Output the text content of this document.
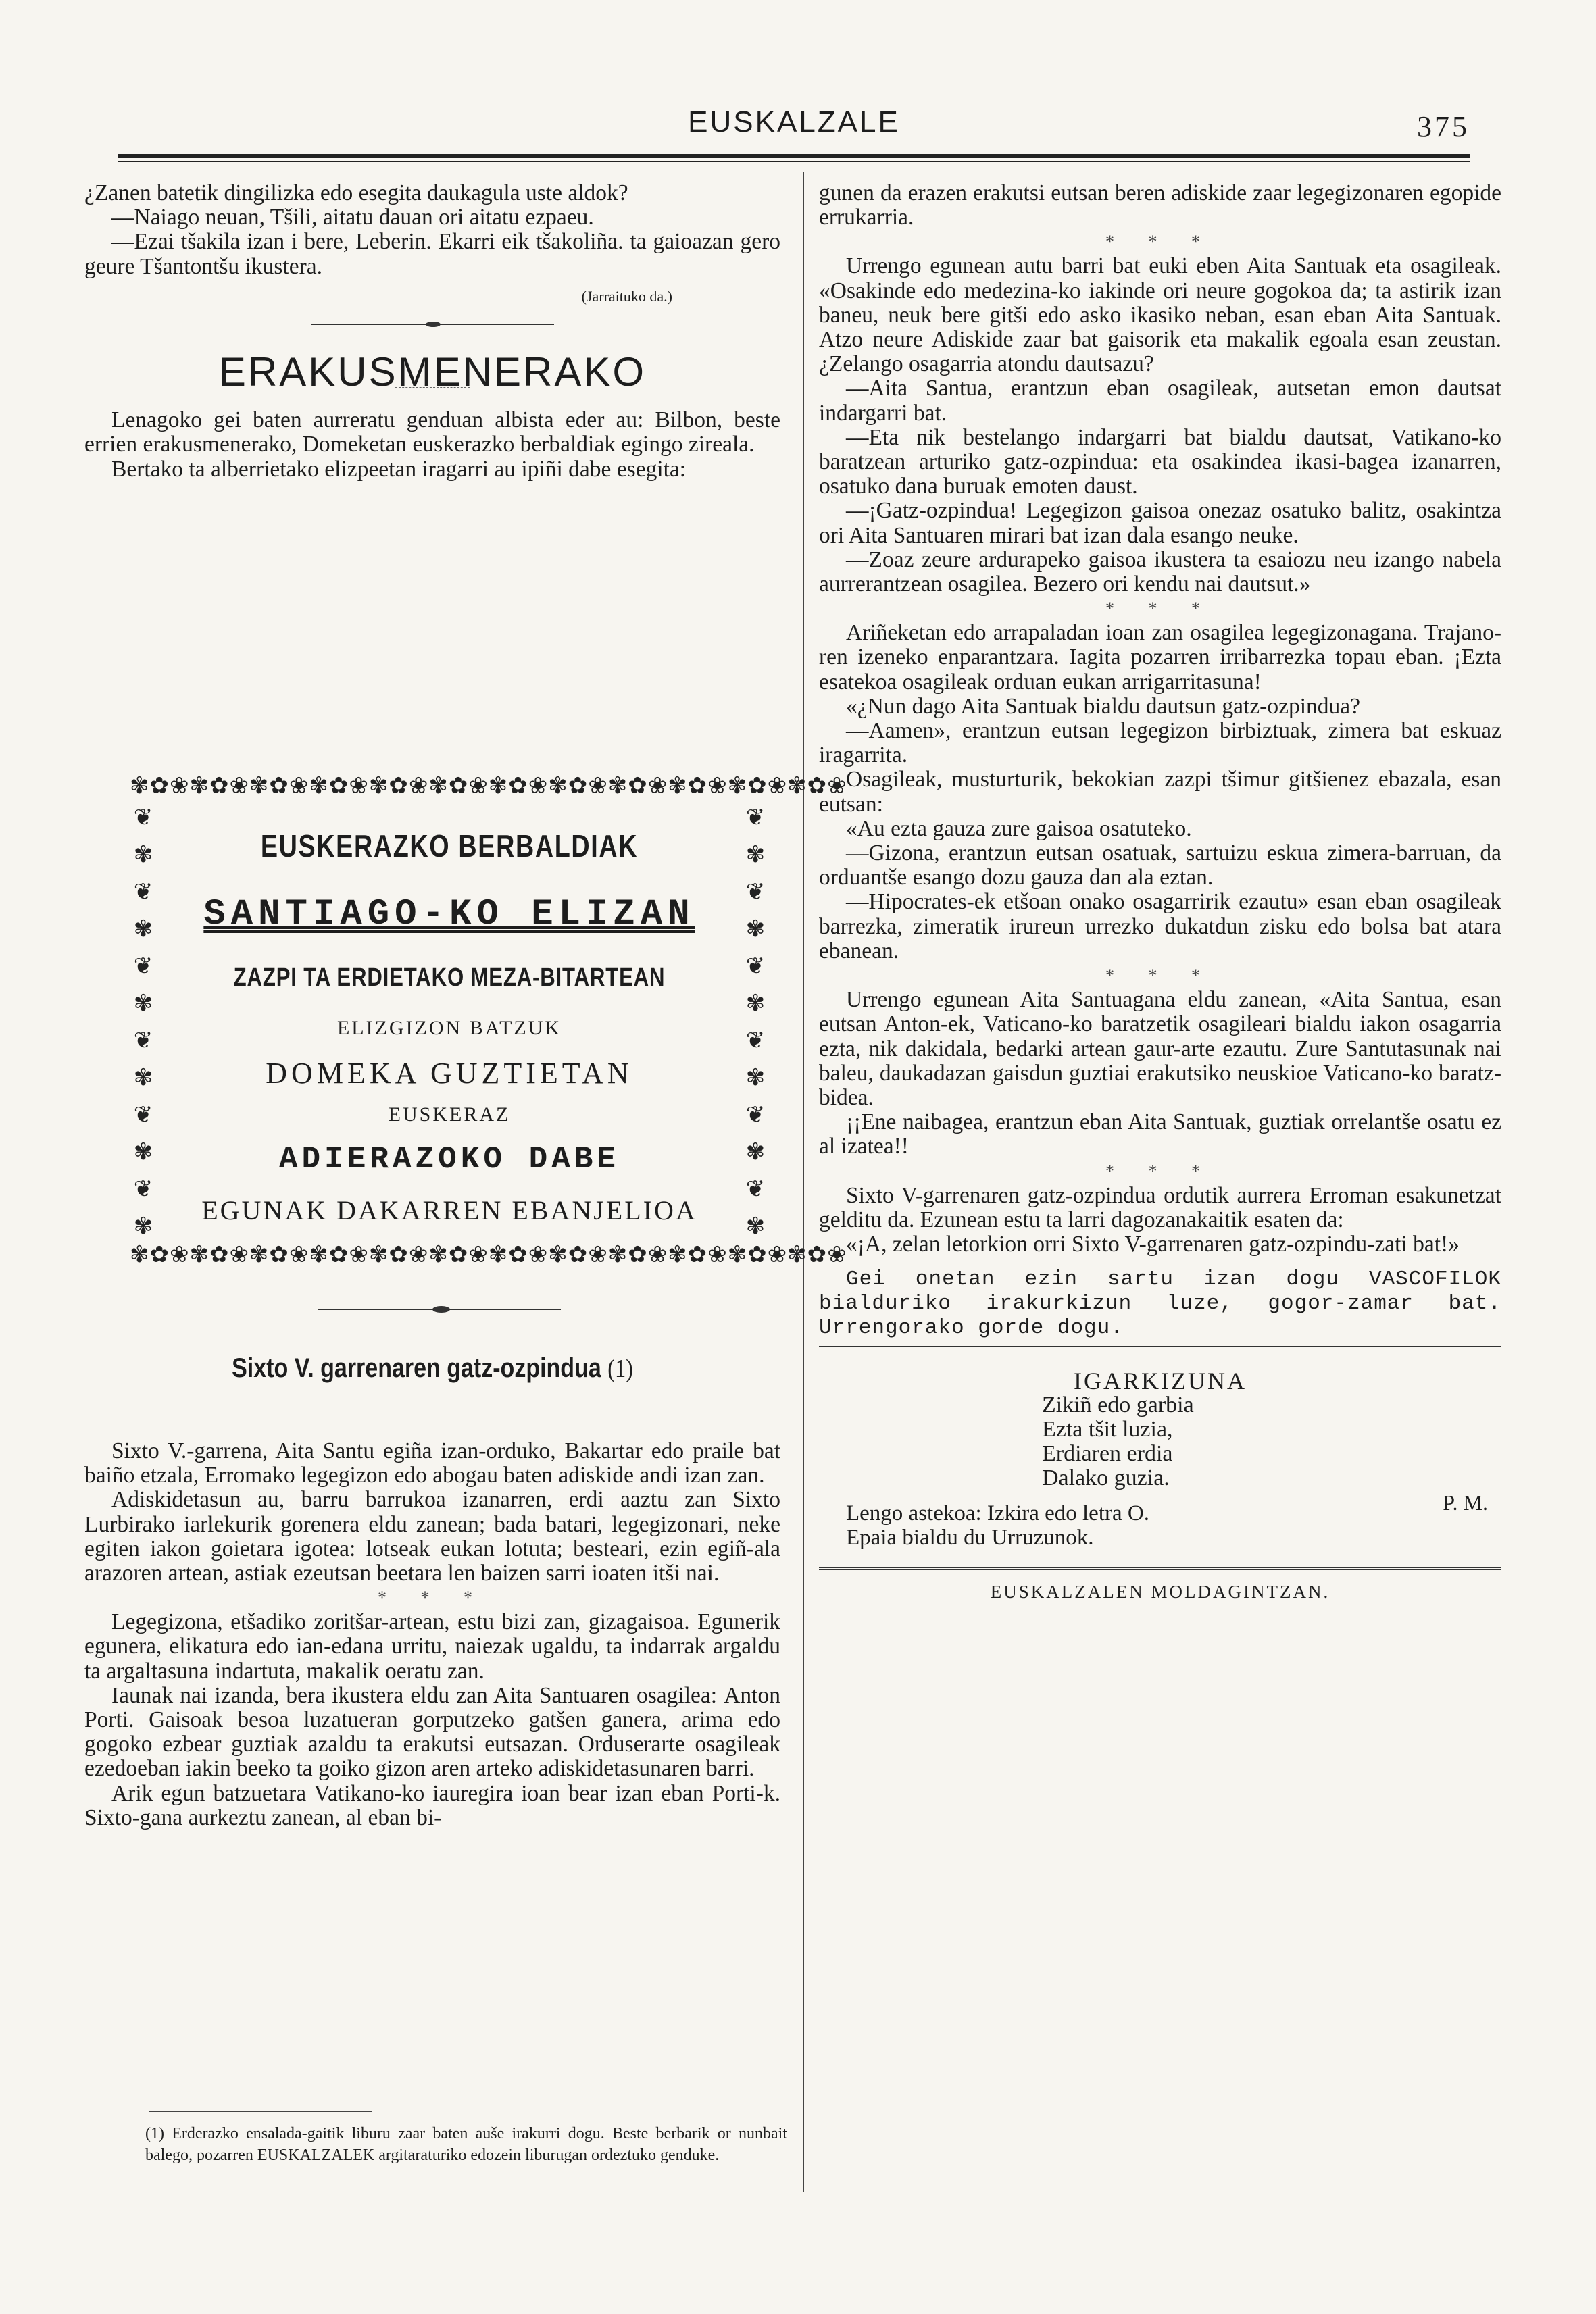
EUSKALZALE	375

¿Zanen batetik dingilizka edo esegita daukagula uste aldok?

—Naiago neuan, Tšili, aitatu dauan ori aitatu ezpaeu.

—Ezai tšakila izan i bere, Leberin. Ekarri eik tšakoliña. ta gaioazan gero geure Tšantontšu ikustera.

(Jarraituko da.)
ERAKUSMENERAKO

Lenagoko gei baten aurreratu genduan albista eder au: Bilbon, beste errien erakusmenerako, Domeketan euskerazko berbaldiak egingo zireala.

Bertako ta alberrietako elizpeetan iragarri au ipiñi dabe esegita:

✾✿❀✾✿❀✾✿❀✾✿❀✾✿❀✾✿❀✾✿❀✾✿❀✾✿❀✾✿❀✾✿❀✾✿❀
✾✿❀✾✿❀✾✿❀✾✿❀✾✿❀✾✿❀✾✿❀✾✿❀✾✿❀✾✿❀✾✿❀✾✿❀
❦
✾
❦
✾
❦
✾
❦
✾
❦
✾
❦
✾
❦
✾
❦
✾
❦
✾
❦
✾
❦
✾
❦
✾
EUSKERAZKO BERBALDIAK
SANTIAGO-KO ELIZAN
ZAZPI TA ERDIETAKO MEZA-BITARTEAN
ELIZGIZON BATZUK
DOMEKA GUZTIETAN
EUSKERAZ
ADIERAZOKO DABE
EGUNAK DAKARREN EBANJELIOA
Sixto V. garrenaren gatz-ozpindua (1)

Sixto V.-garrena, Aita Santu egiña izan-orduko, Bakartar edo praile bat baiño etzala, Erromako legegizon edo abogau baten adiskide andi izan zan.

Adiskidetasun au, barru barrukoa izanarren, erdi aaztu zan Sixto Lurbirako iarlekurik gorenera eldu zanean; bada batari, legegizonari, neke egiten iakon goietara igotea: lotseak eukan lotuta; besteari, ezin egiñ-ala arazoren artean, astiak ezeutsan beetara len baizen sarri ioaten itši nai.

* * *

Legegizona, etšadiko zoritšar-artean, estu bizi zan, gizagaisoa. Egunerik egunera, elikatura edo ian-edana urritu, naiezak ugaldu, ta indarrak argaldu ta argaltasuna indartuta, makalik oeratu zan.

Iaunak nai izanda, bera ikustera eldu zan Aita Santuaren osagileа: Anton Porti. Gaisoak besoa luzatueran gorputzeko gatšen ganera, arima edo gogoko ezbear guztiak azaldu ta erakutsi eutsazan. Orduserarte osagileak ezedoeban iakin beeko ta goiko gizon aren arteko adiskidetasunaren barri.

Arik egun batzuetara Vatikano-ko iauregira ioan bear izan eban Porti-k. Sixto-gana aurkeztu zanean, al eban bi-

(1) Erderazko ensalada-gaitik liburu zaar baten auše irakurri dogu. Beste berbarik or nunbait balego, pozarren EUSKALZALEK argitaraturiko edozein liburugan ordeztuko genduke.

gunen da erazen erakutsi eutsan beren adiskide zaar legegizonaren egopide errukarria.

* * *

Urrengo egunean autu barri bat euki eben Aita Santuak eta osagileak. «Osakinde edo medezina-ko iakinde ori neure gogokoa da; ta astirik izan baneu, neuk bere gitši edo asko ikasiko neban, esan eban Aita Santuak. Atzo neure Adiskide zaar bat gaisorik eta makalik egoala esan zeustan. ¿Zelango osagarria atondu dautsazu?

—Aita Santua, erantzun eban osagileak, autsetan emon dautsat indargarri bat.

—Eta nik bestelango indargarri bat bialdu dautsat, Vatikano-ko baratzean arturiko gatz-ozpindua: eta osakindea ikasi-bagea izanarren, osatuko dana buruak emoten daust.

—¡Gatz-ozpindua! Legegizon gaisoa onezaz osatuko balitz, osakintza ori Aita Santuaren mirari bat izan dala esango neuke.

—Zoaz zeure ardurapeko gaisoa ikustera ta esaiozu neu izango nabela aurrerantzean osagilea. Bezero ori kendu nai dautsut.»

* * *

Ariñeketan edo arrapaladan ioan zan osagilea legegizonagana. Trajano-ren izeneko enparantzara. Iagita pozarren irribarrezka topau eban. ¡Ezta esatekoa osagileak orduan eukan arrigarritasuna!

«¿Nun dago Aita Santuak bialdu dautsun gatz-ozpindua?

—Aamen», erantzun eutsan legegizon birbiztuak, zimera bat eskuaz iragarrita.

Osagileak, musturturik, bekokian zazpi tšimur gitšienez ebazala, esan eutsan:

«Au ezta gauza zure gaisoa osatuteko.

—Gizona, erantzun eutsan osatuak, sartuizu eskua zimera-barruan, da orduantše esango dozu gauza dan ala eztan.

—Hipocrates-ek etšoan onako osagarririk ezautu» esan eban osagileak barrezka, zimeratik irureun urrezko dukatdun zisku edo bolsa bat atara ebanean.

* * *

Urrengo egunean Aita Santuagana eldu zanean, «Aita Santua, esan eutsan Anton-ek, Vaticano-ko baratzetik osagileari bialdu iakon osagarria ezta, nik dakidala, bedarki artean gaur-arte ezautu. Zure Santutasunak nai baleu, daukadazan gaisdun guztiai erakutsiko neuskioe Vaticano-ko baratz-bidea.

¡¡Ene naibagea, erantzun eban Aita Santuak, guztiak orrelantše osatu ez al izatea!!

* * *

Sixto V-garrenaren gatz-ozpindua ordutik aurrera Erroman esakunetzat gelditu da. Ezunean estu ta larri dagozanakaitik esaten da:

«¡A, zelan letorkion orri Sixto V-garrenaren gatz-ozpindu-zati bat!»

Gei onetan ezin sartu izan dogu VASCOFILOK bialduriko irakurkizun luze, gogor-zamar bat. Urrengorako gorde dogu.

IGARKIZUNA
Zikiñ edo garbia
Ezta tšit luzia,
Erdiaren erdia
Dalako guzia.
P. M.
Lengo astekoa: Izkira edo letra O.
Epaia bialdu du Urruzunok.
EUSKALZALEN MOLDAGINTZAN.
